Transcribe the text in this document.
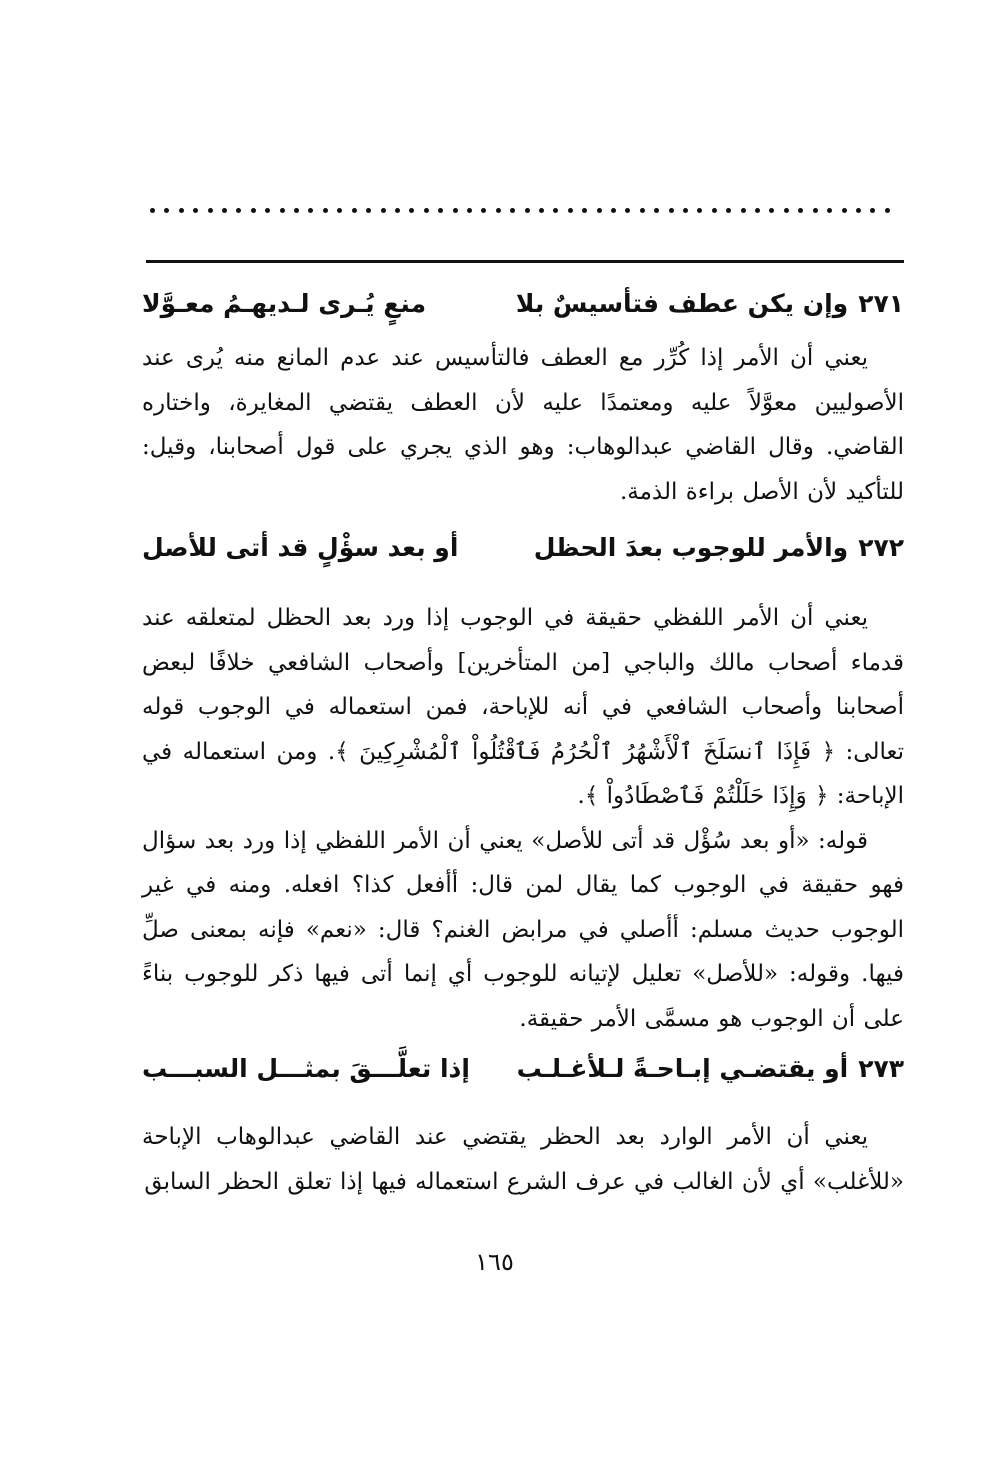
٢٧١
وإن يكن عطف فتأسيسٌ بلا
منعٍ يُـرى لـديهـمُ معـوَّلا

يعني أن الأمر إذا كُرِّر مع العطف فالتأسيس عند عدم المانع منه يُرى عند الأصوليين معوَّلاً عليه ومعتمدًا عليه لأن العطف يقتضي المغايرة، واختاره القاضي. وقال القاضي عبدالوهاب: وهو الذي يجري على قول أصحابنا، وقيل: للتأكيد لأن الأصل براءة الذمة.

٢٧٢
والأمر للوجوب بعدَ الحظل
أو بعد سؤْلٍ قد أتى للأصل

يعني أن الأمر اللفظي حقيقة في الوجوب إذا ورد بعد الحظل لمتعلقه عند قدماء أصحاب مالك والباجي [من المتأخرين] وأصحاب الشافعي خلافًا لبعض أصحابنا وأصحاب الشافعي في أنه للإباحة، فمن استعماله في الوجوب قوله تعالى: ﴿ فَإِذَا ٱنسَلَخَ ٱلْأَشْهُرُ ٱلْحُرُمُ فَٱقْتُلُواْ ٱلْمُشْرِكِينَ ﴾. ومن استعماله في الإباحة: ﴿ وَإِذَا حَلَلْتُمْ فَٱصْطَادُواْ ﴾.

قوله: «أو بعد سُؤْل قد أتى للأصل» يعني أن الأمر اللفظي إذا ورد بعد سؤال فهو حقيقة في الوجوب كما يقال لمن قال: أأفعل كذا؟ افعله. ومنه في غير الوجوب حديث مسلم: أأصلي في مرابض الغنم؟ قال: «نعم» فإنه بمعنى صلِّ فيها. وقوله: «للأصل» تعليل لإتيانه للوجوب أي إنما أتى فيها ذكر للوجوب بناءً على أن الوجوب هو مسمَّى الأمر حقيقة.

٢٧٣
أو يقتضـي إبـاحـةً لـلأغـلـب
إذا تعلَّـــقَ بمثـــل السبـــب

يعني أن الأمر الوارد بعد الحظر يقتضي عند القاضي عبدالوهاب الإباحة «للأغلب» أي لأن الغالب في عرف الشرع استعماله فيها إذا تعلق الحظر السابق

١٦٥
